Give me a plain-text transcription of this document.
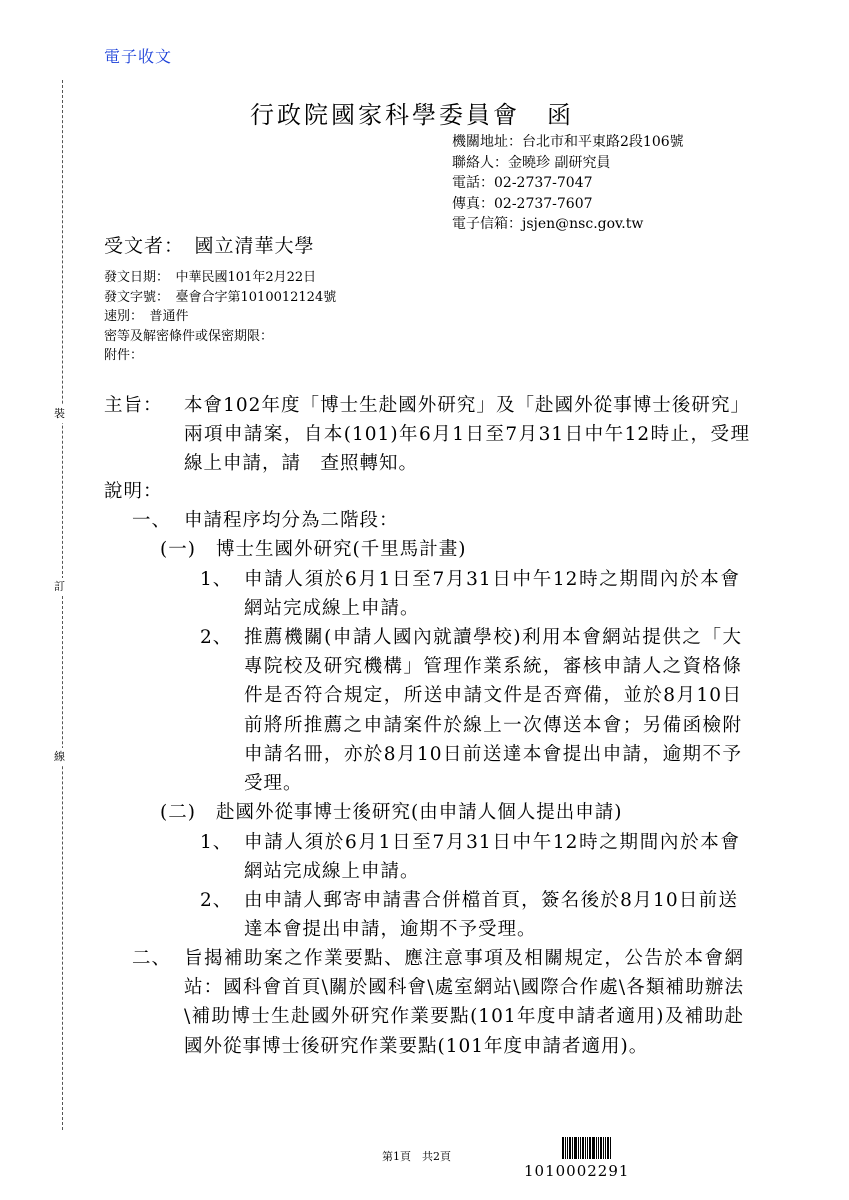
電子收文
裝
訂
線
行政院國家科學委員會　函
機關地址：台北市和平東路2段106號
聯絡人：金曉珍 副研究員
電話：02-2737-7047
傳真：02-2737-7607
電子信箱：jsjen@nsc.gov.tw
受文者：　國立清華大學
發文日期：　中華民國101年2月22日
發文字號：　臺會合字第1010012124號
速別：　普通件
密等及解密條件或保密期限：
附件：
主旨： 本會102年度「博士生赴國外研究」及「赴國外從事博士後研究」兩項申請案，自本(101)年6月1日至7月31日中午12時止，受理線上申請，請　查照轉知。
說明：
一、 申請程序均分為二階段：
(一) 博士生國外研究(千里馬計畫)
1、 申請人須於6月1日至7月31日中午12時之期間內於本會網站完成線上申請。
2、 推薦機關(申請人國內就讀學校)利用本會網站提供之「大專院校及研究機構」管理作業系統，審核申請人之資格條件是否符合規定，所送申請文件是否齊備，並於8月10日前將所推薦之申請案件於線上一次傳送本會；另備函檢附申請名冊，亦於8月10日前送達本會提出申請，逾期不予受理。
(二) 赴國外從事博士後研究(由申請人個人提出申請)
1、 申請人須於6月1日至7月31日中午12時之期間內於本會網站完成線上申請。
2、 由申請人郵寄申請書合併檔首頁，簽名後於8月10日前送達本會提出申請，逾期不予受理。
二、 旨揭補助案之作業要點、應注意事項及相關規定，公告於本會網站：國科會首頁\關於國科會\處室網站\國際合作處\各類補助辦法\補助博士生赴國外研究作業要點(101年度申請者適用)及補助赴國外從事博士後研究作業要點(101年度申請者適用)。
第1頁　共2頁
1010002291
